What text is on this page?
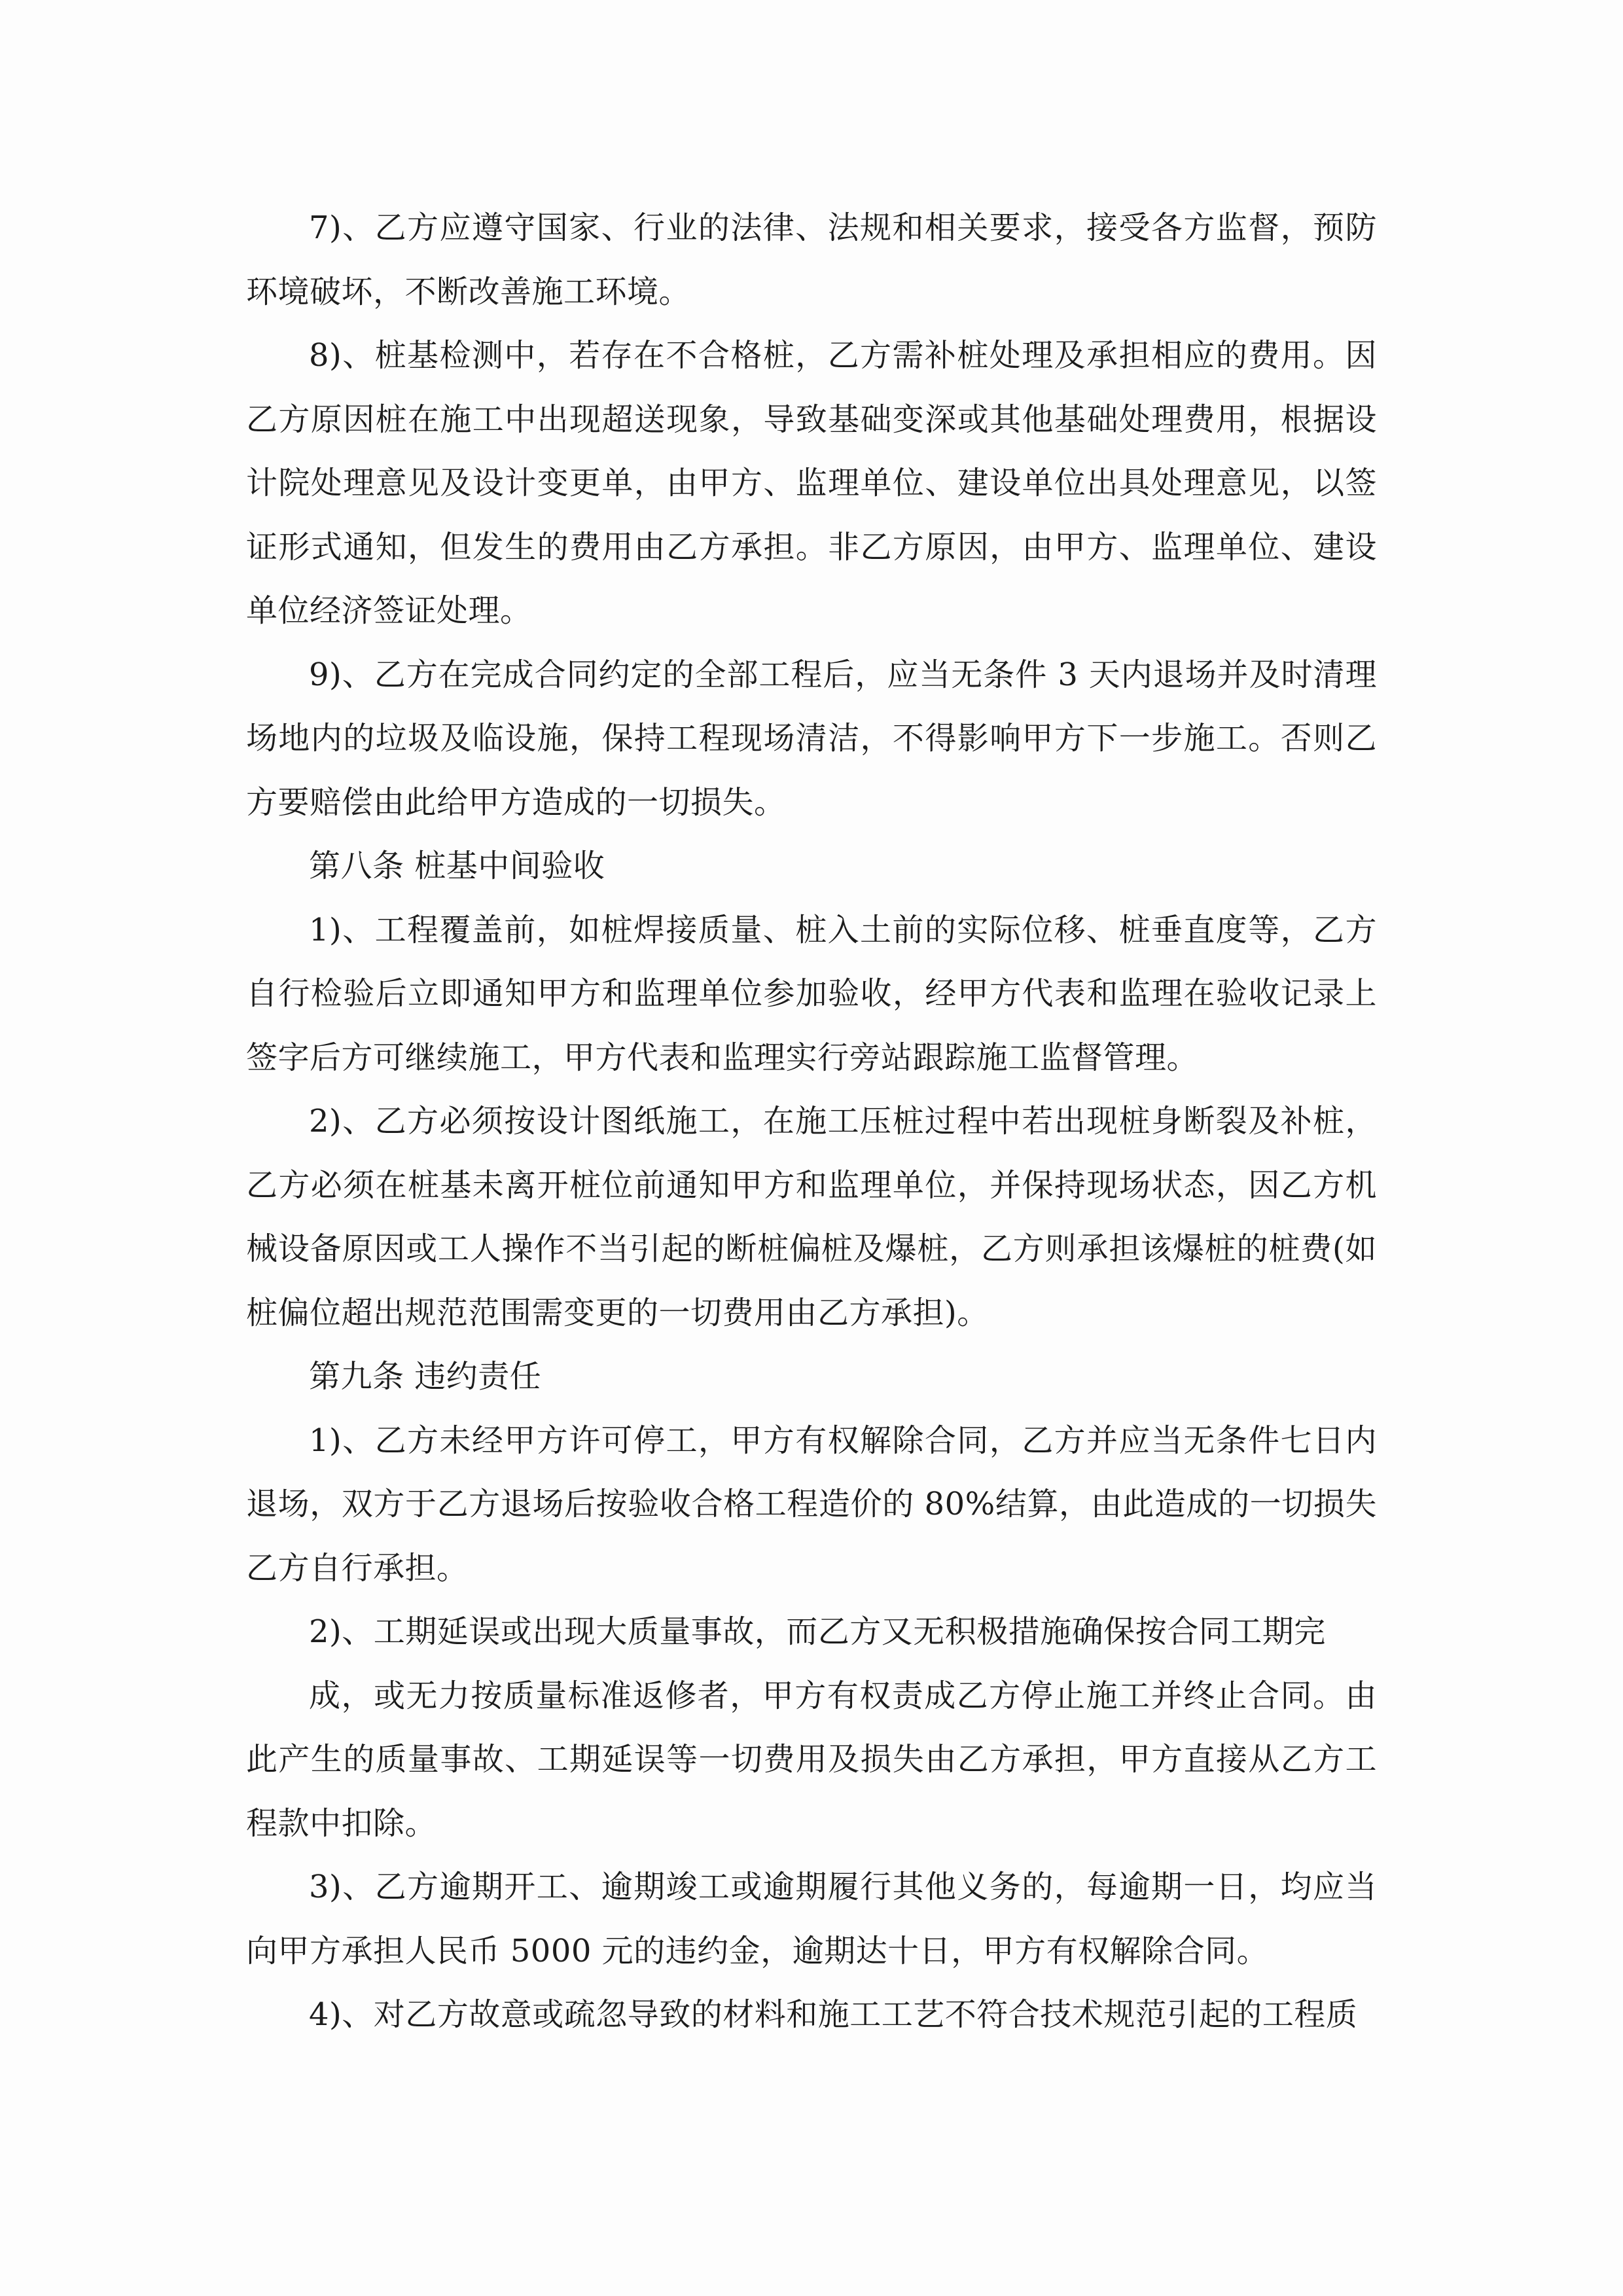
7)、乙方应遵守国家、行业的法律、法规和相关要求，接受各方监督，预防环境破坏，不断改善施工环境。

8)、桩基检测中，若存在不合格桩，乙方需补桩处理及承担相应的费用。因乙方原因桩在施工中出现超送现象，导致基础变深或其他基础处理费用，根据设计院处理意见及设计变更单，由甲方、监理单位、建设单位出具处理意见，以签证形式通知，但发生的费用由乙方承担。非乙方原因，由甲方、监理单位、建设单位经济签证处理。

9)、乙方在完成合同约定的全部工程后，应当无条件 3 天内退场并及时清理场地内的垃圾及临设施，保持工程现场清洁，不得影响甲方下一步施工。否则乙方要赔偿由此给甲方造成的一切损失。

第八条 桩基中间验收

1)、工程覆盖前，如桩焊接质量、桩入土前的实际位移、桩垂直度等，乙方自行检验后立即通知甲方和监理单位参加验收，经甲方代表和监理在验收记录上签字后方可继续施工，甲方代表和监理实行旁站跟踪施工监督管理。

2)、乙方必须按设计图纸施工，在施工压桩过程中若出现桩身断裂及补桩，乙方必须在桩基未离开桩位前通知甲方和监理单位，并保持现场状态，因乙方机械设备原因或工人操作不当引起的断桩偏桩及爆桩，乙方则承担该爆桩的桩费(如桩偏位超出规范范围需变更的一切费用由乙方承担)。

第九条 违约责任

1)、乙方未经甲方许可停工，甲方有权解除合同，乙方并应当无条件七日内退场，双方于乙方退场后按验收合格工程造价的 80%结算，由此造成的一切损失乙方自行承担。

2)、工期延误或出现大质量事故，而乙方又无积极措施确保按合同工期完

成，或无力按质量标准返修者，甲方有权责成乙方停止施工并终止合同。由此产生的质量事故、工期延误等一切费用及损失由乙方承担，甲方直接从乙方工程款中扣除。

3)、乙方逾期开工、逾期竣工或逾期履行其他义务的，每逾期一日，均应当向甲方承担人民币 5000 元的违约金，逾期达十日，甲方有权解除合同。

4)、对乙方故意或疏忽导致的材料和施工工艺不符合技术规范引起的工程质
